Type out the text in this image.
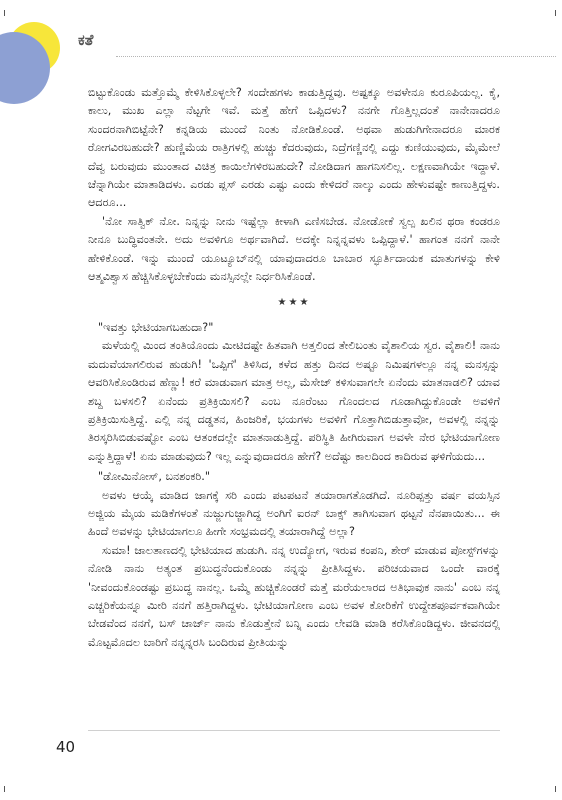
ಕತೆ

ಬಿಟ್ಟುಕೊಂಡು ಮತ್ತೊಮ್ಮೆ ಕೇಳಿಸಿಕೊಳ್ಳಲೇ? ಸಂದೇಹಗಳು ಕಾಡುತ್ತಿದ್ದವು. ಅಷ್ಟಕ್ಕೂ ಅವಳೇನೂ ಕುರೂಪಿಯಲ್ಲ. ಕೈ, ಕಾಲು, ಮುಖ ಎಲ್ಲಾ ನೆಟ್ಟಗೇ ಇವೆ. ಮತ್ತೆ ಹೇಗೆ ಒಪ್ಪಿದಳು? ನನಗೇ ಗೊತ್ತಿಲ್ಲದಂತೆ ನಾನೇನಾದರೂ ಸುಂದರನಾಗಿಬಿಟ್ಟೆನೇ? ಕನ್ನಡಿಯ ಮುಂದೆ ನಿಂತು ನೋಡಿಕೊಂಡೆ. ಅಥವಾ ಹುಡುಗಿಗೇನಾದರೂ ಮಾರಕ ರೋಗವಿರಬಹುದೇ? ಹುಣ್ಣಿಮೆಯ ರಾತ್ರಿಗಳಲ್ಲಿ ಹುಚ್ಚು ಕೆದರುವುದು, ನಿದ್ರೆಗಣ್ಣಿನಲ್ಲಿ ಎದ್ದು ಕುಣಿಯುವುದು, ಮೈಮೇಲೆ ದೆವ್ವ ಬರುವುದು ಮುಂತಾದ ವಿಚಿತ್ರ ಕಾಯಿಲೆಗಳಿರಬಹುದೇ? ನೋಡಿದಾಗ ಹಾಗನಿಸಲಿಲ್ಲ. ಲಕ್ಷಣವಾಗಿಯೇ ಇದ್ದಾಳೆ. ಚೆನ್ನಾಗಿಯೇ ಮಾತಾಡಿದಳು. ಎರಡು ಪ್ಲಸ್ ಎರಡು ಎಷ್ಟು ಎಂದು ಕೇಳಿದರೆ ನಾಲ್ಕು ಎಂದು ಹೇಳುವಷ್ಟೇ ಕಾಣುತ್ತಿದ್ದಳು. ಆದರೂ...

'ನೋ ಸಾತ್ವಿಕ್ ನೋ. ನಿನ್ನನ್ನು ನೀನು ಇಷ್ಟೆಲ್ಲಾ ಕೀಳಾಗಿ ಎಣಿಸಬೇಡ. ನೋಡೋಕೆ ಸ್ವಲ್ಪ ಖಲಿನ ಥರಾ ಕಂಡರೂ ನೀನೂ ಬುದ್ಧಿವಂತನೇ. ಅದು ಅವಳಿಗೂ ಅರ್ಥವಾಗಿದೆ. ಅದಕ್ಕೇ ನಿನ್ನನ್ನವಳು ಒಪ್ಪಿದ್ದಾಳೆ.' ಹಾಗಂತ ನನಗೆ ನಾನೇ ಹೇಳಿಕೊಂಡೆ. ಇನ್ನು ಮುಂದೆ ಯೂಟ್ಯೂಬ್‌ನಲ್ಲಿ ಯಾವುದಾದರೂ ಬಾಬಾರ ಸ್ಫೂರ್ತಿದಾಯಕ ಮಾತುಗಳನ್ನು ಕೇಳಿ ಆತ್ಮವಿಶ್ವಾಸ ಹೆಚ್ಚಿಸಿಕೊಳ್ಳಬೇಕೆಂದು ಮನಸ್ಸಿನಲ್ಲೇ ನಿರ್ಧರಿಸಿಕೊಂಡೆ.

★★★

"ಇವತ್ತು ಭೇಟಿಯಾಗಬಹುದಾ?"

ಮಳೆಯಲ್ಲಿ ಮಿಂದ ತಂತಿಯೊಂದು ಮೀಟಿದಷ್ಟೇ ಹಿತವಾಗಿ ಅತ್ತಲಿಂದ ತೇಲಿಬಂತು ವೈಶಾಲಿಯ ಸ್ವರ. ವೈಶಾಲಿ! ನಾನು ಮದುವೆಯಾಗಲಿರುವ ಹುಡುಗಿ! 'ಒಪ್ಪಿಗೆ' ತಿಳಿಸಿದ, ಕಳೆದ ಹತ್ತು ದಿನದ ಅಷ್ಟೂ ನಿಮಿಷಗಳಲ್ಲೂ ನನ್ನ ಮನಸ್ಸನ್ನು ಆವರಿಸಿಕೊಂಡಿರುವ ಹೆಣ್ಣು! ಕರೆ ಮಾಡುವಾಗ ಮಾತ್ರ ಅಲ್ಲ, ಮೆಸೇಜ್ ಕಳಿಸುವಾಗಲೇ ಏನೆಂದು ಮಾತನಾಡಲಿ? ಯಾವ ಶಬ್ದ ಬಳಸಲಿ? ಏನೆಂದು ಪ್ರತಿಕ್ರಿಯಿಸಲಿ? ಎಂಬ ನೂರೆಂಟು ಗೊಂದಲದ ಗೂಡಾಗಿದ್ದುಕೊಂಡೇ ಅವಳಿಗೆ ಪ್ರತಿಕ್ರಿಯಿಸುತ್ತಿದ್ದೆ. ಎಲ್ಲಿ ನನ್ನ ದಡ್ಡತನ, ಹಿಂಜರಿಕೆ, ಭಯಗಳು ಅವಳಿಗೆ ಗೊತ್ತಾಗಿಬಿಡುತ್ತಾವೋ, ಅವಳಲ್ಲಿ ನನ್ನನ್ನು ತಿರಸ್ಕರಿಸಿಬಿಡುವಷ್ಟೋ ಎಂಬ ಆತಂಕದಲ್ಲೇ ಮಾತನಾಡುತ್ತಿದ್ದೆ. ಪರಿಸ್ಥಿತಿ ಹೀಗಿರುವಾಗ ಅವಳೇ ನೇರ ಭೇಟಿಯಾಗೋಣ ಎನ್ನುತ್ತಿದ್ದಾಳೆ! ಏನು ಮಾಡುವುದು? ಇಲ್ಲ ಎನ್ನುವುದಾದರೂ ಹೇಗೆ? ಅದೆಷ್ಟು ಕಾಲದಿಂದ ಕಾದಿರುವ ಘಳಿಗೆಯದು...

"ಡೋಮಿನೋಸ್, ಬನಶಂಕರಿ."

ಅವಳು ಆಯ್ಕೆ ಮಾಡಿದ ಜಾಗಕ್ಕೆ ಸರಿ ಎಂದು ಪಟಪಟನೆ ತಯಾರಾಗತೊಡಗಿದೆ. ನೂರಿಪ್ಪತ್ತು ವರ್ಷ ವಯಸ್ಸಿನ ಅಜ್ಜಿಯ ಮೈಯ ಮಡಿಕೆಗಳಂತೆ ನುಜ್ಜುಗುಜ್ಜಾಗಿದ್ದ ಅಂಗಿಗೆ ಐರನ್ ಬಾಕ್ಸ್ ತಾಗಿಸುವಾಗ ಥಟ್ಟನೆ ನೆನಪಾಯಿತು... ಈ ಹಿಂದೆ ಅವಳನ್ನು ಭೇಟಿಯಾಗಲೂ ಹೀಗೇ ಸಂಭ್ರಮದಲ್ಲಿ ತಯಾರಾಗಿದ್ದೆ ಅಲ್ಲಾ?

ಸುಮಾ! ಜಾಲತಾಣದಲ್ಲಿ ಭೇಟಿಯಾದ ಹುಡುಗಿ. ನನ್ನ ಉದ್ಯೋಗ, ಇರುವ ಕಂಪನಿ, ಶೇರ್ ಮಾಡುವ ಪೋಸ್ಟ್‌ಗಳನ್ನು ನೋಡಿ ನಾನು ಅತ್ಯಂತ ಪ್ರಬುದ್ಧನೆಂದುಕೊಂಡು ನನ್ನನ್ನು ಪ್ರೀತಿಸಿದ್ದಳು. ಪರಿಚಯವಾದ ಒಂದೇ ವಾರಕ್ಕೆ 'ನೀವಂದುಕೊಂಡಷ್ಟು ಪ್ರಬುದ್ಧ ನಾನಲ್ಲ. ಒಮ್ಮೆ ಹುಚ್ಚಿಕೊಂಡರೆ ಮತ್ತೆ ಮರೆಯಲಾರದ ಅತಿಭಾವುಕ ನಾನು' ಎಂಬ ನನ್ನ ಎಚ್ಚರಿಕೆಯನ್ನೂ ಮೀರಿ ನನಗೆ ಹತ್ತಿರಾಗಿದ್ದಳು. ಭೇಟಿಯಾಗೋಣ ಎಂಬ ಅವಳ ಕೋರಿಕೆಗೆ ಉದ್ದೇಶಪೂರ್ವಕವಾಗಿಯೇ ಬೇಡವೆಂದ ನನಗೆ, ಬಸ್ ಚಾರ್ಜ್ ನಾನು ಕೊಡುತ್ತೇನೆ ಬನ್ನಿ ಎಂದು ಲೇವಡಿ ಮಾಡಿ ಕರೆಸಿಕೊಂಡಿದ್ದಳು. ಜೀವನದಲ್ಲಿ ಮೊಟ್ಟಮೊದಲ ಬಾರಿಗೆ ನನ್ನನ್ನರಸಿ ಬಂದಿರುವ ಪ್ರೀತಿಯನ್ನು

40
